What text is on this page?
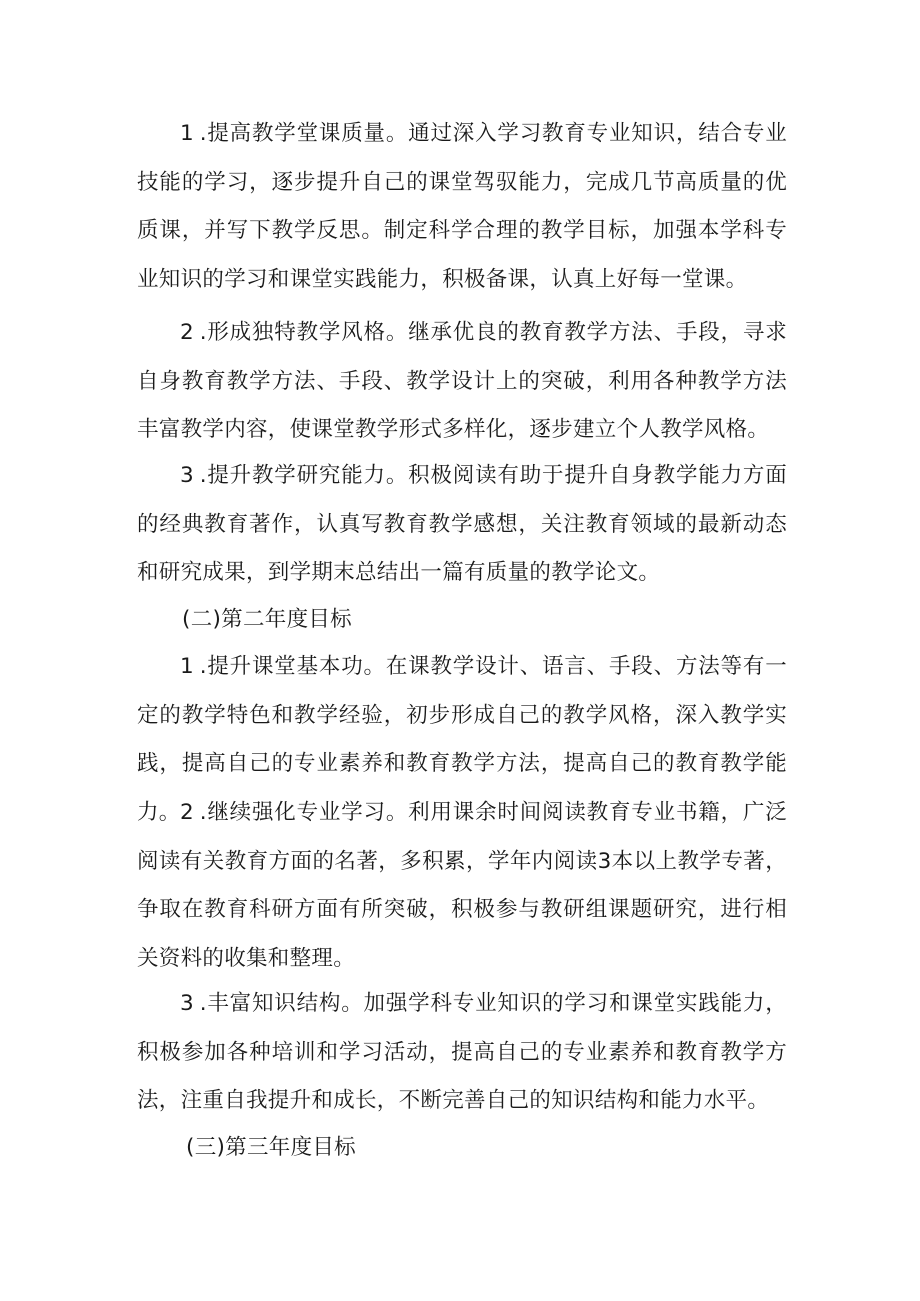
1.提高教学堂课质量。通过深入学习教育专业知识，结合专业技能的学习，逐步提升自己的课堂驾驭能力，完成几节高质量的优质课，并写下教学反思。制定科学合理的教学目标，加强本学科专业知识的学习和课堂实践能力，积极备课，认真上好每一堂课。

2.形成独特教学风格。继承优良的教育教学方法、手段，寻求自身教育教学方法、手段、教学设计上的突破，利用各种教学方法丰富教学内容，使课堂教学形式多样化，逐步建立个人教学风格。

3.提升教学研究能力。积极阅读有助于提升自身教学能力方面的经典教育著作，认真写教育教学感想，关注教育领域的最新动态和研究成果，到学期末总结出一篇有质量的教学论文。

(二)第二年度目标

1.提升课堂基本功。在课教学设计、语言、手段、方法等有一定的教学特色和教学经验，初步形成自己的教学风格，深入教学实践，提高自己的专业素养和教育教学方法，提高自己的教育教学能力。 2.继续强化专业学习。利用课余时间阅读教育专业书籍，广泛阅读有关教育方面的名著，多积累，学年内阅读3本以上教学专著，争取在教育科研方面有所突破，积极参与教研组课题研究，进行相关资料的收集和整理。

3.丰富知识结构。加强学科专业知识的学习和课堂实践能力，积极参加各种培训和学习活动，提高自己的专业素养和教育教学方法，注重自我提升和成长，不断完善自己的知识结构和能力水平。

(三)第三年度目标
